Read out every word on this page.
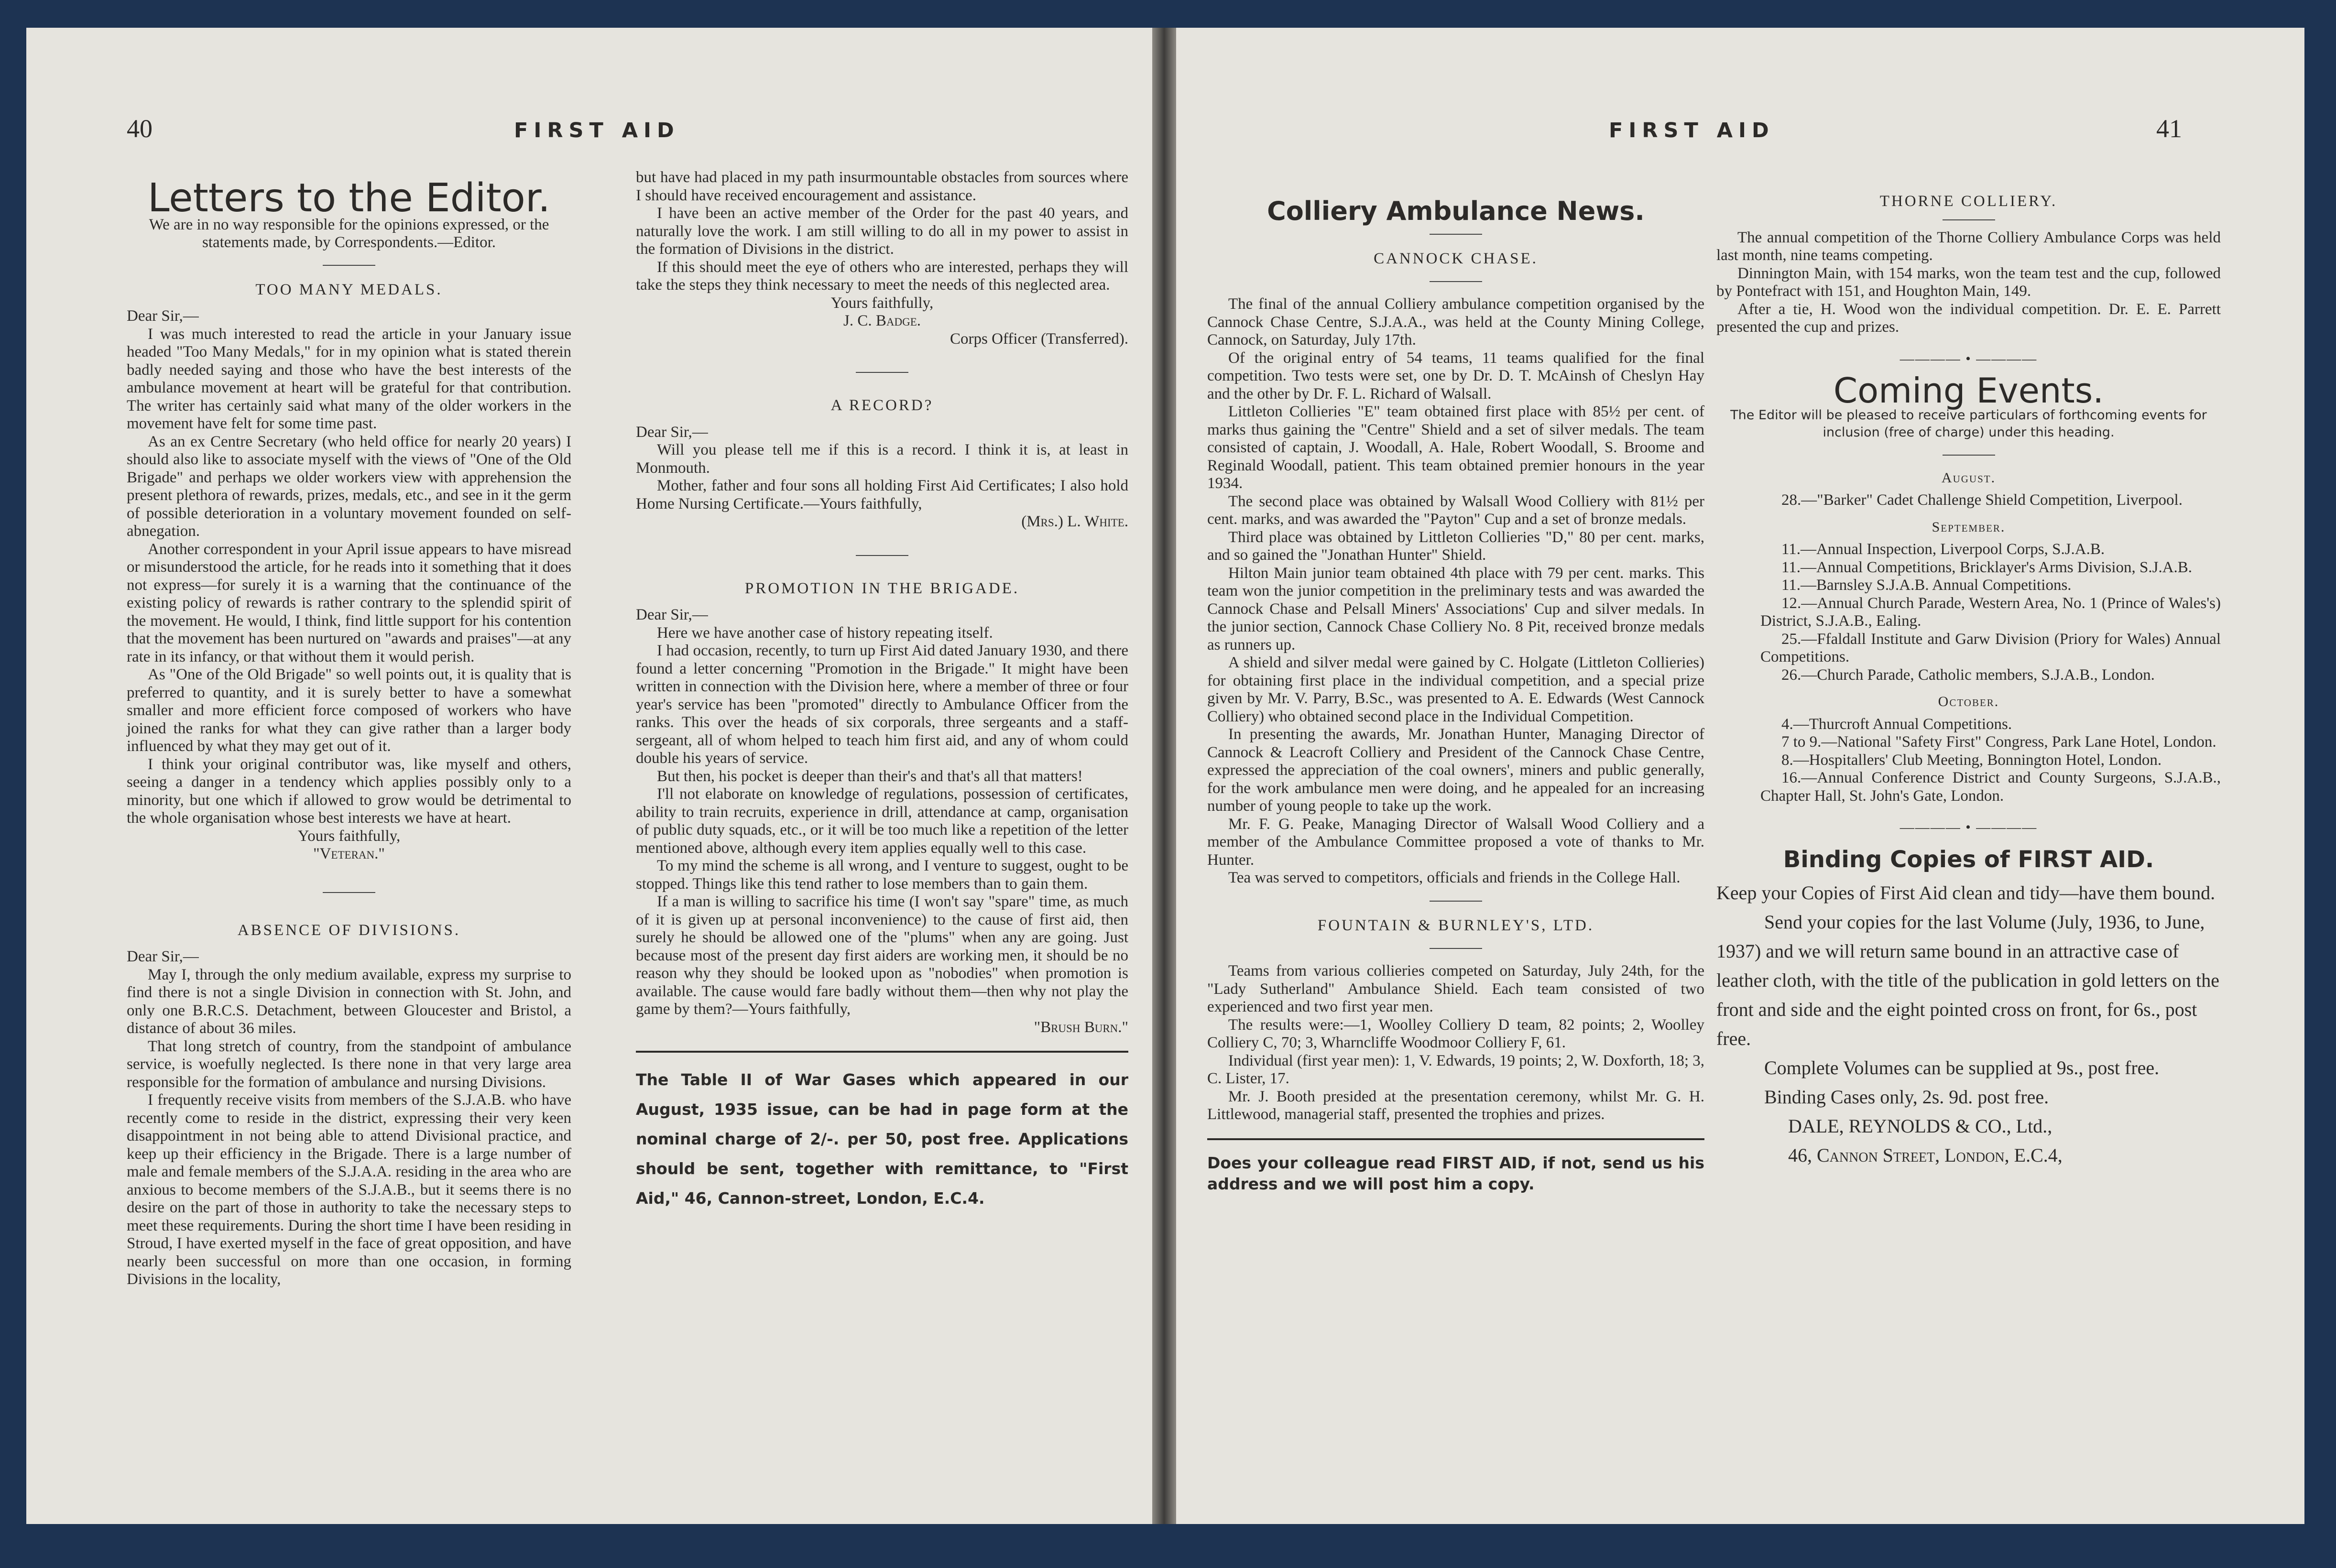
40	FIRST AID
Letters to the Editor.
We are in no way responsible for the opinions expressed, or the statements made, by Correspondents.—Editor.
TOO MANY MEDALS.

Dear Sir,—

I was much interested to read the article in your January issue headed "Too Many Medals," for in my opinion what is stated therein badly needed saying and those who have the best interests of the ambulance movement at heart will be grateful for that contribution. The writer has certainly said what many of the older workers in the movement have felt for some time past.

As an ex Centre Secretary (who held office for nearly 20 years) I should also like to associate myself with the views of "One of the Old Brigade" and perhaps we older workers view with apprehension the present plethora of rewards, prizes, medals, etc., and see in it the germ of possible deterioration in a voluntary movement founded on self-abnegation.

Another correspondent in your April issue appears to have misread or misunderstood the article, for he reads into it something that it does not express—for surely it is a warning that the continuance of the existing policy of rewards is rather contrary to the splendid spirit of the movement. He would, I think, find little support for his contention that the movement has been nurtured on "awards and praises"—at any rate in its infancy, or that without them it would perish.

As "One of the Old Brigade" so well points out, it is quality that is preferred to quantity, and it is surely better to have a somewhat smaller and more efficient force composed of workers who have joined the ranks for what they can give rather than a larger body influenced by what they may get out of it.

I think your original contributor was, like myself and others, seeing a danger in a tendency which applies possibly only to a minority, but one which if allowed to grow would be detrimental to the whole organisation whose best interests we have at heart.

Yours faithfully,

"Veteran."

ABSENCE OF DIVISIONS.

Dear Sir,—

May I, through the only medium available, express my surprise to find there is not a single Division in connection with St. John, and only one B.R.C.S. Detachment, between Gloucester and Bristol, a distance of about 36 miles.

That long stretch of country, from the standpoint of ambulance service, is woefully neglected. Is there none in that very large area responsible for the formation of ambulance and nursing Divisions.

I frequently receive visits from members of the S.J.A.B. who have recently come to reside in the district, expressing their very keen disappointment in not being able to attend Divisional practice, and keep up their efficiency in the Brigade. There is a large number of male and female members of the S.J.A.A. residing in the area who are anxious to become members of the S.J.A.B., but it seems there is no desire on the part of those in authority to take the necessary steps to meet these requirements. During the short time I have been residing in Stroud, I have exerted myself in the face of great opposition, and have nearly been successful on more than one occasion, in forming Divisions in the locality,

but have had placed in my path insurmountable obstacles from sources where I should have received encouragement and assistance.

I have been an active member of the Order for the past 40 years, and naturally love the work. I am still willing to do all in my power to assist in the formation of Divisions in the district.

If this should meet the eye of others who are interested, perhaps they will take the steps they think necessary to meet the needs of this neglected area.

Yours faithfully,

J. C. Badge.

Corps Officer (Transferred).

A RECORD?

Dear Sir,—

Will you please tell me if this is a record. I think it is, at least in Monmouth.

Mother, father and four sons all holding First Aid Certificates; I also hold Home Nursing Certificate.—Yours faithfully,

(Mrs.) L. White.

PROMOTION IN THE BRIGADE.

Dear Sir,—

Here we have another case of history repeating itself.

I had occasion, recently, to turn up First Aid dated January 1930, and there found a letter concerning "Promotion in the Brigade." It might have been written in connection with the Division here, where a member of three or four year's service has been "promoted" directly to Ambulance Officer from the ranks. This over the heads of six corporals, three sergeants and a staff-sergeant, all of whom helped to teach him first aid, and any of whom could double his years of service.

But then, his pocket is deeper than their's and that's all that matters!

I'll not elaborate on knowledge of regulations, possession of certificates, ability to train recruits, experience in drill, attendance at camp, organisation of public duty squads, etc., or it will be too much like a repetition of the letter mentioned above, although every item applies equally well to this case.

To my mind the scheme is all wrong, and I venture to suggest, ought to be stopped. Things like this tend rather to lose members than to gain them.

If a man is willing to sacrifice his time (I won't say "spare" time, as much of it is given up at personal inconvenience) to the cause of first aid, then surely he should be allowed one of the "plums" when any are going. Just because most of the present day first aiders are working men, it should be no reason why they should be looked upon as "nobodies" when promotion is available. The cause would fare badly without them—then why not play the game by them?—Yours faithfully,

"Brush Burn."

The Table II of War Gases which appeared in our August, 1935 issue, can be had in page form at the nominal charge of 2/-. per 50, post free. Applications should be sent, together with remittance, to "First Aid," 46, Cannon-street, London, E.C.4.
FIRST AID	41
Colliery Ambulance News.
CANNOCK CHASE.

The final of the annual Colliery ambulance competition organised by the Cannock Chase Centre, S.J.A.A., was held at the County Mining College, Cannock, on Saturday, July 17th.

Of the original entry of 54 teams, 11 teams qualified for the final competition. Two tests were set, one by Dr. D. T. McAinsh of Cheslyn Hay and the other by Dr. F. L. Richard of Walsall.

Littleton Collieries "E" team obtained first place with 85½ per cent. of marks thus gaining the "Centre" Shield and a set of silver medals. The team consisted of captain, J. Woodall, A. Hale, Robert Woodall, S. Broome and Reginald Woodall, patient. This team obtained premier honours in the year 1934.

The second place was obtained by Walsall Wood Colliery with 81½ per cent. marks, and was awarded the "Payton" Cup and a set of bronze medals.

Third place was obtained by Littleton Collieries "D," 80 per cent. marks, and so gained the "Jonathan Hunter" Shield.

Hilton Main junior team obtained 4th place with 79 per cent. marks. This team won the junior competition in the preliminary tests and was awarded the Cannock Chase and Pelsall Miners' Associations' Cup and silver medals. In the junior section, Cannock Chase Colliery No. 8 Pit, received bronze medals as runners up.

A shield and silver medal were gained by C. Holgate (Littleton Collieries) for obtaining first place in the individual competition, and a special prize given by Mr. V. Parry, B.Sc., was presented to A. E. Edwards (West Cannock Colliery) who obtained second place in the Individual Competition.

In presenting the awards, Mr. Jonathan Hunter, Managing Director of Cannock & Leacroft Colliery and President of the Cannock Chase Centre, expressed the appreciation of the coal owners', miners and public generally, for the work ambulance men were doing, and he appealed for an increasing number of young people to take up the work.

Mr. F. G. Peake, Managing Director of Walsall Wood Colliery and a member of the Ambulance Committee proposed a vote of thanks to Mr. Hunter.

Tea was served to competitors, officials and friends in the College Hall.

FOUNTAIN & BURNLEY'S, LTD.

Teams from various collieries competed on Saturday, July 24th, for the "Lady Sutherland" Ambulance Shield. Each team consisted of two experienced and two first year men.

The results were:—1, Woolley Colliery D team, 82 points; 2, Woolley Colliery C, 70; 3, Wharncliffe Woodmoor Colliery F, 61.

Individual (first year men): 1, V. Edwards, 19 points; 2, W. Doxforth, 18; 3, C. Lister, 17.

Mr. J. Booth presided at the presentation ceremony, whilst Mr. G. H. Littlewood, managerial staff, presented the trophies and prizes.

Does your colleague read FIRST AID, if not, send us his address and we will post him a copy.
THORNE COLLIERY.

The annual competition of the Thorne Colliery Ambulance Corps was held last month, nine teams competing.

Dinnington Main, with 154 marks, won the team test and the cup, followed by Pontefract with 151, and Houghton Main, 149.

After a tie, H. Wood won the individual competition. Dr. E. E. Parrett presented the cup and prizes.

———— • ————
Coming Events.
The Editor will be pleased to receive particulars of forthcoming events for inclusion (free of charge) under this heading.
August.

28.—"Barker" Cadet Challenge Shield Competition, Liverpool.

September.

11.—Annual Inspection, Liverpool Corps, S.J.A.B.

11.—Annual Competitions, Bricklayer's Arms Division, S.J.A.B.

11.—Barnsley S.J.A.B. Annual Competitions.

12.—Annual Church Parade, Western Area, No. 1 (Prince of Wales's) District, S.J.A.B., Ealing.

25.—Ffaldall Institute and Garw Division (Priory for Wales) Annual Competitions.

26.—Church Parade, Catholic members, S.J.A.B., London.

October.

4.—Thurcroft Annual Competitions.

7 to 9.—National "Safety First" Congress, Park Lane Hotel, London.

8.—Hospitallers' Club Meeting, Bonnington Hotel, London.

16.—Annual Conference District and County Surgeons, S.J.A.B., Chapter Hall, St. John's Gate, London.

———— • ————
Binding Copies of FIRST AID.

Keep your Copies of First Aid clean and tidy—have them bound.

Send your copies for the last Volume (July, 1936, to June, 1937) and we will return same bound in an attractive case of leather cloth, with the title of the publication in gold letters on the front and side and the eight pointed cross on front, for 6s., post free.

Complete Volumes can be supplied at 9s., post free.

Binding Cases only, 2s. 9d. post free.

DALE, REYNOLDS & CO., Ltd.,

46, Cannon Street, London, E.C.4,
